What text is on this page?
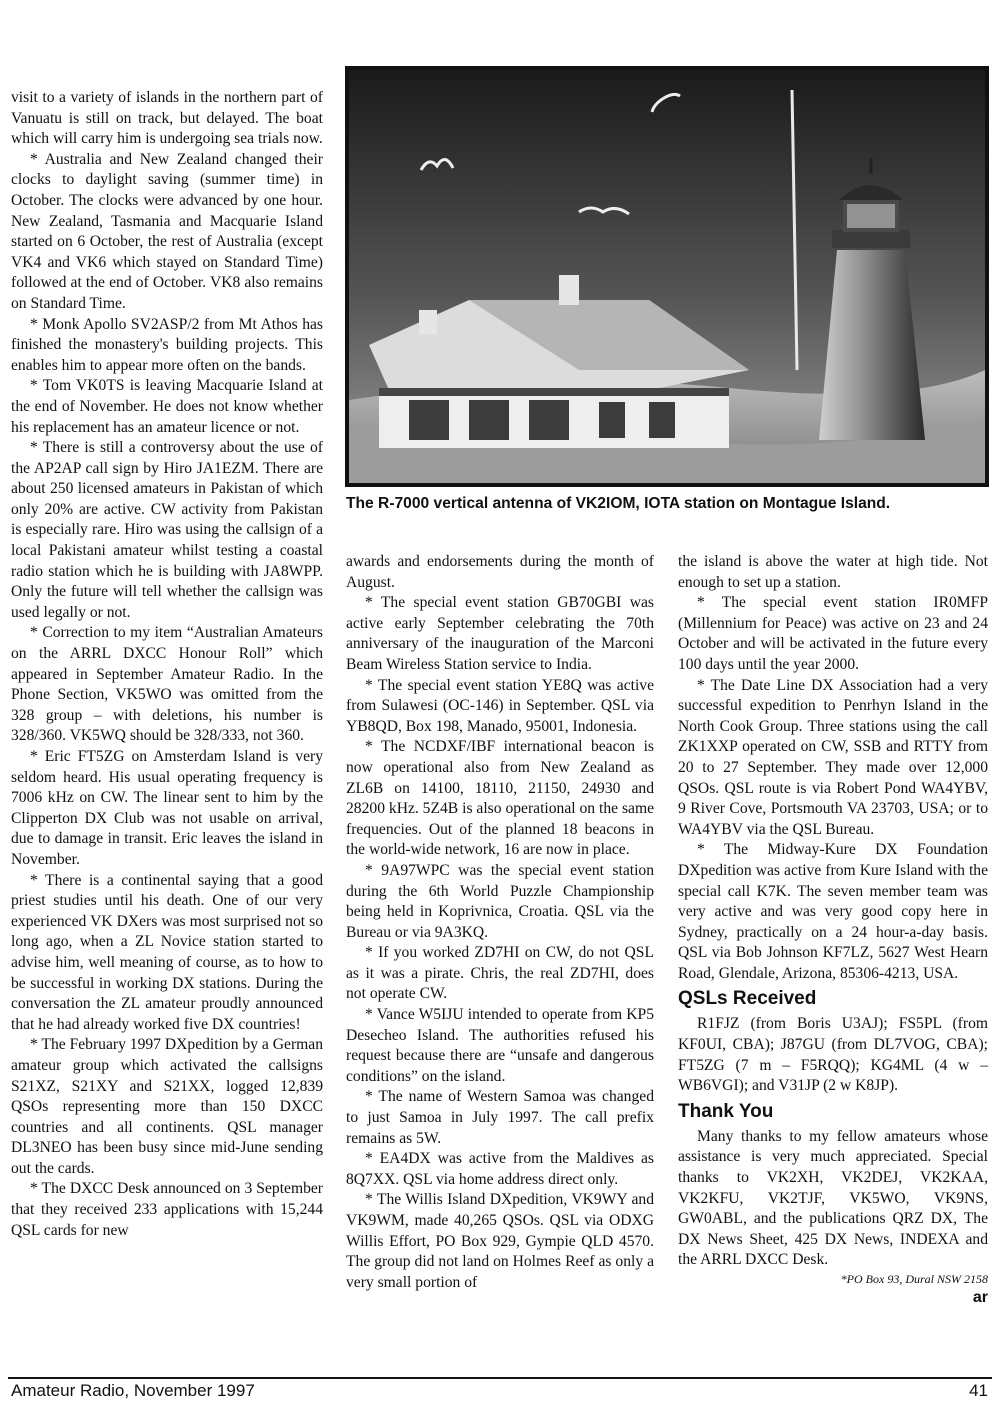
visit to a variety of islands in the northern part of Vanuatu is still on track, but delayed. The boat which will carry him is undergoing sea trials now.

* Australia and New Zealand changed their clocks to daylight saving (summer time) in October. The clocks were advanced by one hour. New Zealand, Tasmania and Macquarie Island started on 6 October, the rest of Australia (except VK4 and VK6 which stayed on Standard Time) followed at the end of October. VK8 also remains on Standard Time.

* Monk Apollo SV2ASP/2 from Mt Athos has finished the monastery's building projects. This enables him to appear more often on the bands.

* Tom VK0TS is leaving Macquarie Island at the end of November. He does not know whether his replacement has an amateur licence or not.

* There is still a controversy about the use of the AP2AP call sign by Hiro JA1EZM. There are about 250 licensed amateurs in Pakistan of which only 20% are active. CW activity from Pakistan is especially rare. Hiro was using the callsign of a local Pakistani amateur whilst testing a coastal radio station which he is building with JA8WPP. Only the future will tell whether the callsign was used legally or not.

* Correction to my item “Australian Amateurs on the ARRL DXCC Honour Roll” which appeared in September Amateur Radio. In the Phone Section, VK5WO was omitted from the 328 group – with deletions, his number is 328/360. VK5WQ should be 328/333, not 360.

* Eric FT5ZG on Amsterdam Island is very seldom heard. His usual operating frequency is 7006 kHz on CW. The linear sent to him by the Clipperton DX Club was not usable on arrival, due to damage in transit. Eric leaves the island in November.

* There is a continental saying that a good priest studies until his death. One of our very experienced VK DXers was most surprised not so long ago, when a ZL Novice station started to advise him, well meaning of course, as to how to be successful in working DX stations. During the conversation the ZL amateur proudly announced that he had already worked five DX countries!

* The February 1997 DXpedition by a German amateur group which activated the callsigns S21XZ, S21XY and S21XX, logged 12,839 QSOs representing more than 150 DXCC countries and all continents. QSL manager DL3NEO has been busy since mid-June sending out the cards.

* The DXCC Desk announced on 3 September that they received 233 applications with 15,244 QSL cards for new

The R-7000 vertical antenna of VK2IOM, IOTA station on Montague Island.

awards and endorsements during the month of August.

* The special event station GB70GBI was active early September celebrating the 70th anniversary of the inauguration of the Marconi Beam Wireless Station service to India.

* The special event station YE8Q was active from Sulawesi (OC-146) in September. QSL via YB8QD, Box 198, Manado, 95001, Indonesia.

* The NCDXF/IBF international beacon is now operational also from New Zealand as ZL6B on 14100, 18110, 21150, 24930 and 28200 kHz. 5Z4B is also operational on the same frequencies. Out of the planned 18 beacons in the world-wide network, 16 are now in place.

* 9A97WPC was the special event station during the 6th World Puzzle Championship being held in Koprivnica, Croatia. QSL via the Bureau or via 9A3KQ.

* If you worked ZD7HI on CW, do not QSL as it was a pirate. Chris, the real ZD7HI, does not operate CW.

* Vance W5IJU intended to operate from KP5 Desecheo Island. The authorities refused his request because there are “unsafe and dangerous conditions” on the island.

* The name of Western Samoa was changed to just Samoa in July 1997. The call prefix remains as 5W.

* EA4DX was active from the Maldives as 8Q7XX. QSL via home address direct only.

* The Willis Island DXpedition, VK9WY and VK9WM, made 40,265 QSOs. QSL via ODXG Willis Effort, PO Box 929, Gympie QLD 4570. The group did not land on Holmes Reef as only a very small portion of

the island is above the water at high tide. Not enough to set up a station.

* The special event station IR0MFP (Millennium for Peace) was active on 23 and 24 October and will be activated in the future every 100 days until the year 2000.

* The Date Line DX Association had a very successful expedition to Penrhyn Island in the North Cook Group. Three stations using the call ZK1XXP operated on CW, SSB and RTTY from 20 to 27 September. They made over 12,000 QSOs. QSL route is via Robert Pond WA4YBV, 9 River Cove, Portsmouth VA 23703, USA; or to WA4YBV via the QSL Bureau.

* The Midway-Kure DX Foundation DXpedition was active from Kure Island with the special call K7K. The seven member team was very active and was very good copy here in Sydney, practically on a 24 hour-a-day basis. QSL via Bob Johnson KF7LZ, 5627 West Hearn Road, Glendale, Arizona, 85306-4213, USA.

QSLs Received

R1FJZ (from Boris U3AJ); FS5PL (from KF0UI, CBA); J87GU (from DL7VOG, CBA); FT5ZG (7 m – F5RQQ); KG4ML (4 w – WB6VGI); and V31JP (2 w K8JP).

Thank You

Many thanks to my fellow amateurs whose assistance is very much appreciated. Special thanks to VK2XH, VK2DEJ, VK2KAA, VK2KFU, VK2TJF, VK5WO, VK9NS, GW0ABL, and the publications QRZ DX, The DX News Sheet, 425 DX News, INDEXA and the ARRL DXCC Desk.

*PO Box 93, Dural NSW 2158

ar

Amateur Radio, November 1997	41
